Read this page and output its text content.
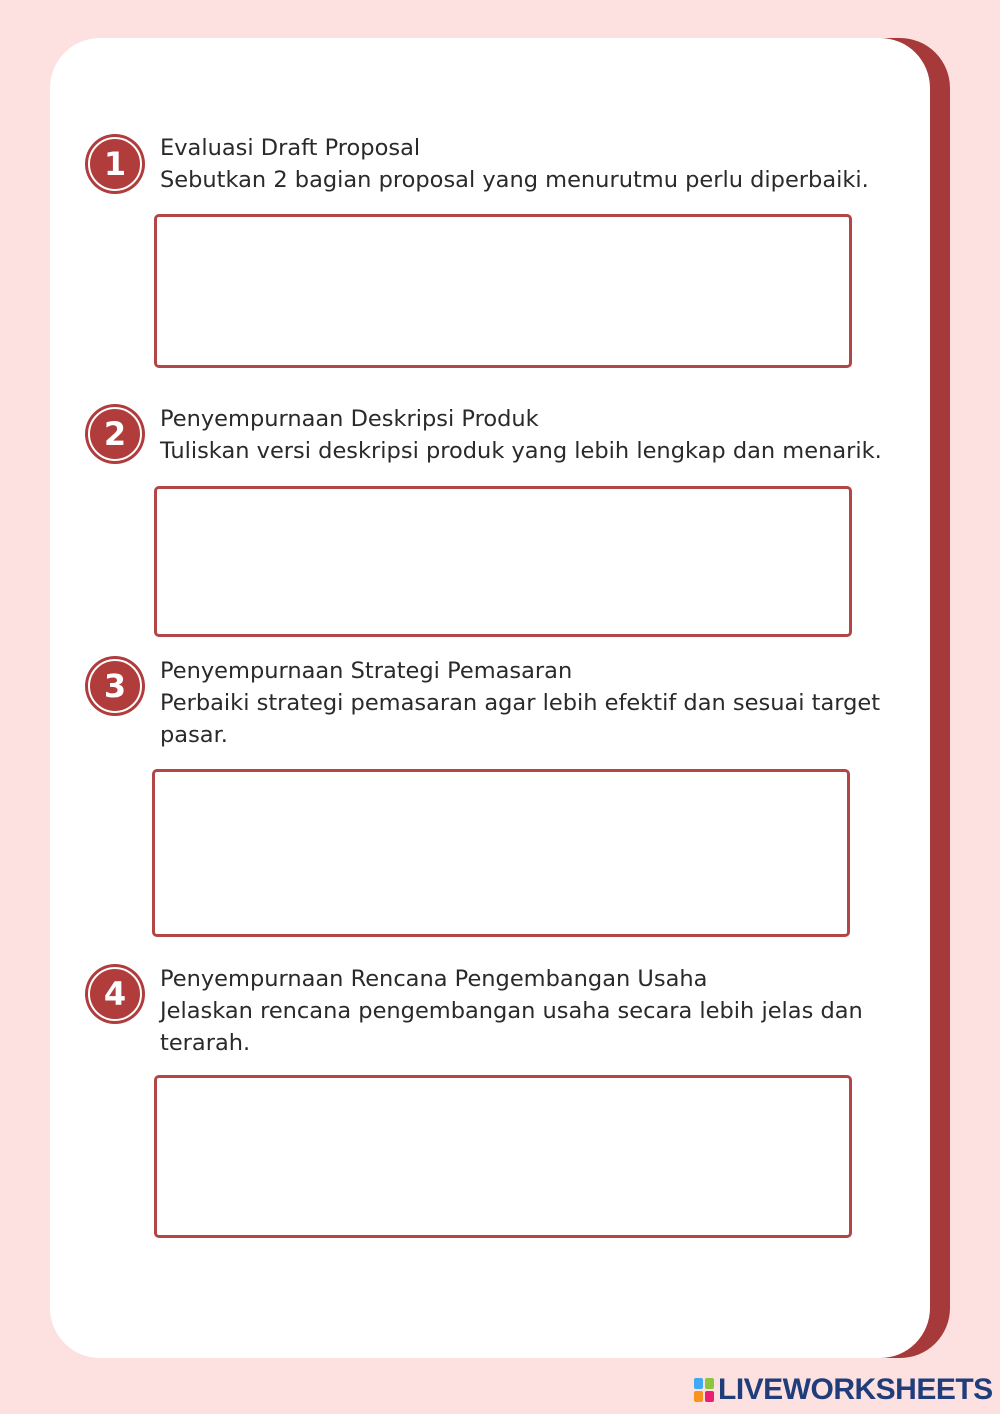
1 Evaluasi Draft Proposal
Sebutkan 2 bagian proposal yang menurutmu perlu diperbaiki.
2 Penyempurnaan Deskripsi Produk
Tuliskan versi deskripsi produk yang lebih lengkap dan menarik.
3 Penyempurnaan Strategi Pemasaran
Perbaiki strategi pemasaran agar lebih efektif dan sesuai target pasar.
4 Penyempurnaan Rencana Pengembangan Usaha
Jelaskan rencana pengembangan usaha secara lebih jelas dan terarah.
LIVEWORKSHEETS
